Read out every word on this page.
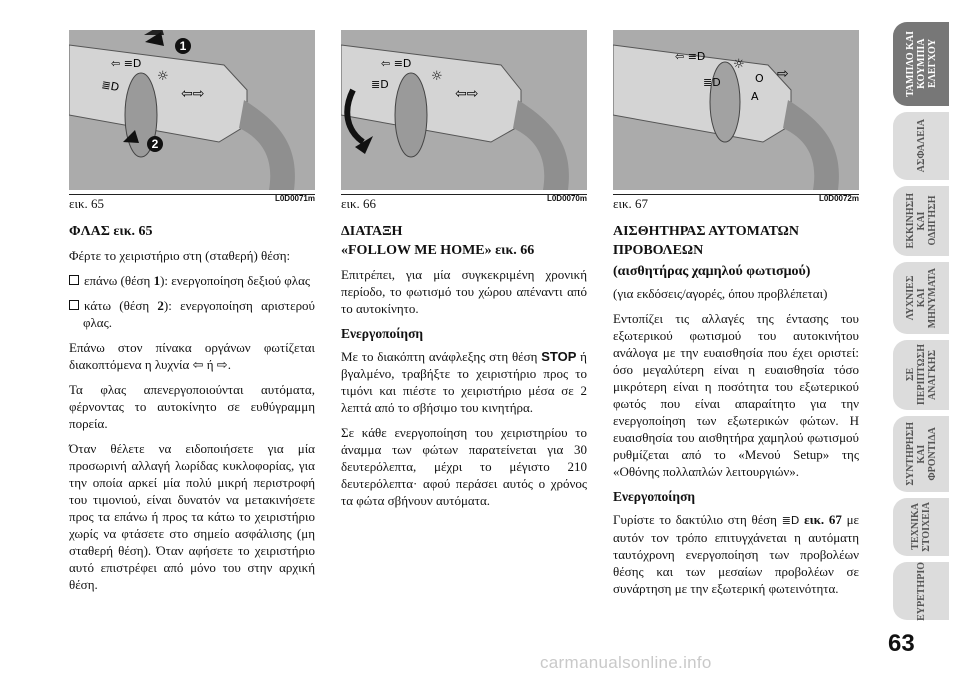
⇦ ≡D
☼
≣D	⇦⇨
1
2
⇦ ≡D
☼
≣D
⇦⇨
⇦ ≡D
☼
≣D	O ⇨
A
εικ. 65	L0D0071m εικ. 66	L0D0070m εικ. 67	L0D0072m
ΦΛΑΣ εικ. 65

Φέρτε το χειριστήριο στη (σταθερή) θέση:

επάνω (θέση 1): ενεργοποίηση δεξιού φλας

κάτω (θέση 2): ενεργοποίηση αριστερού φλας.

Επάνω στον πίνακα οργάνων φωτίζεται διακοπτόμενα η λυχνία ⇦ ή ⇨.

Τα φλας απενεργοποιούνται αυτόματα, φέρνοντας το αυτοκίνητο σε ευθύγραμμη πορεία.

Όταν θέλετε να ειδοποιήσετε για μία προσωρινή αλλαγή λωρίδας κυκλοφορίας, για την οποία αρκεί μία πολύ μικρή περιστροφή του τιμονιού, είναι δυνατόν να μετακινήσετε προς τα επάνω ή προς τα κάτω το χειριστήριο χωρίς να φτάσετε στο σημείο ασφάλισης (μη σταθερή θέση). Όταν αφήσετε το χειριστήριο αυτό επιστρέφει από μόνο του στην αρχική θέση.

ΔΙΑΤΑΞΗ
«FOLLOW ME HOME» εικ. 66

Επιτρέπει, για μία συγκεκριμένη χρονική περίοδο, το φωτισμό του χώρου απέναντι από το αυτοκίνητο.

Ενεργοποίηση

Με το διακόπτη ανάφλεξης στη θέση STOP ή βγαλμένο, τραβήξτε το χειριστήριο προς το τιμόνι και πιέστε το χειριστήριο μέσα σε 2 λεπτά από το σβήσιμο του κινητήρα.

Σε κάθε ενεργοποίηση του χειριστηρίου το άναμμα των φώτων παρατείνεται για 30 δευτερόλεπτα, μέχρι το μέγιστο 210 δευτερόλεπτα· αφού περάσει αυτός ο χρόνος τα φώτα σβήνουν αυτόματα.

ΑΙΣΘΗΤΗΡΑΣ ΑΥΤΟΜΑΤΩΝ
ΠΡΟΒΟΛΕΩΝ
(αισθητήρας χαμηλού φωτισμού)

(για εκδόσεις/αγορές, όπου προβλέπεται)

Εντοπίζει τις αλλαγές της έντασης του εξωτερικού φωτισμού του αυτοκινήτου ανάλογα με την ευαισθησία που έχει οριστεί: όσο μεγαλύτερη είναι η ευαισθησία τόσο μικρότερη είναι η ποσότητα του εξωτερικού φωτός που είναι απαραίτητο για την ενεργοποίηση των εξωτερικών φώτων. Η ευαισθησία του αισθητήρα χαμηλού φωτισμού ρυθμίζεται από το «Μενού Setup» της «Οθόνης πολλαπλών λειτουργιών».

Ενεργοποίηση

Γυρίστε το δακτύλιο στη θέση ≣D εικ. 67 με αυτόν τον τρόπο επιτυγχάνεται η αυτόματη ταυτόχρονη ενεργοποίηση των προβολέων θέσης και των μεσαίων προβολέων σε συνάρτηση με την εξωτερική φωτεινότητα.

ΤΑΜΠΛΟ ΚΑΙ
ΚΟΥΜΠΙΑ
ΕΛΕΓΧΟΥ
ΑΣΦΑΛΕΙΑ
ΕΚΚΙΝΗΣΗ
ΚΑΙ
ΟΔΗΓΗΣΗ
ΛΥΧΝΙΕΣ
ΚΑΙ
ΜΗΝΥΜΑΤΑ
ΣΕ
ΠΕΡΙΠΤΩΣΗ
ΑΝΑΓΚΗΣ
ΣΥΝΤΗΡΗΣΗ
ΚΑΙ
ΦΡΟΝΤΙΔΑ
ΤΕΧΝΙΚΑ
ΣΤΟΙΧΕΙΑ
ΕΥΡΕΤΗΡΙΟ
63
carmanualsonline.info
